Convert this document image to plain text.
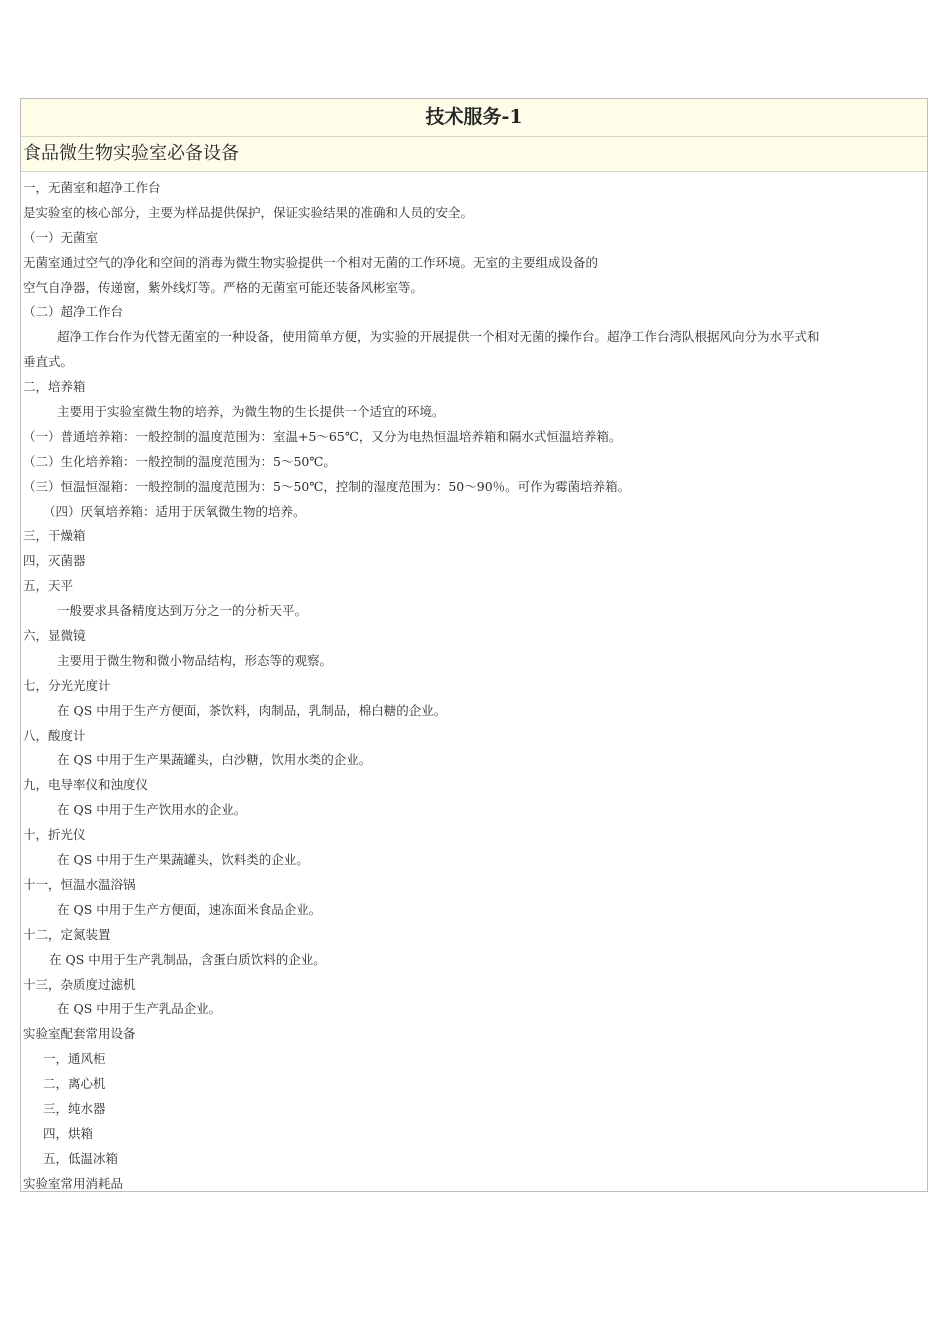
技术服务-1
食品微生物实验室必备设备
一，无菌室和超净工作台
是实验室的核心部分，主要为样品提供保护，保证实验结果的准确和人员的安全。
（一）无菌室
无菌室通过空气的净化和空间的消毒为微生物实验提供一个相对无菌的工作环境。无室的主要组成设备的
空气自净器，传递窗，紫外线灯等。严格的无菌室可能还装备风彬室等。
（二）超净工作台
超净工作台作为代替无菌室的一种设备，使用简单方便，为实验的开展提供一个相对无菌的操作台。超净工作台湾队根据风向分为水平式和
垂直式。
二，培养箱
主要用于实验室微生物的培养，为微生物的生长提供一个适宜的环境。
（一）普通培养箱：一般控制的温度范围为：室温+5～65℃，又分为电热恒温培养箱和隔水式恒温培养箱。
（二）生化培养箱：一般控制的温度范围为：5～50℃。
（三）恒温恒湿箱：一般控制的温度范围为：5～50℃，控制的湿度范围为：50～90％。可作为霉菌培养箱。
（四）厌氧培养箱：适用于厌氧微生物的培养。
三，干燥箱
四，灭菌器
五，天平
一般要求具备精度达到万分之一的分析天平。
六，显微镜
主要用于微生物和微小物品结构，形态等的观察。
七，分光光度计
在 QS 中用于生产方便面，茶饮料，肉制品，乳制品，棉白糖的企业。
八，酸度计
在 QS 中用于生产果蔬罐头，白沙糖，饮用水类的企业。
九，电导率仪和浊度仪
在 QS 中用于生产饮用水的企业。
十，折光仪
在 QS 中用于生产果蔬罐头，饮料类的企业。
十一，恒温水温浴锅
在 QS 中用于生产方便面，速冻面米食品企业。
十二，定氮装置
在 QS 中用于生产乳制品，含蛋白质饮料的企业。
十三，杂质度过滤机
在 QS 中用于生产乳品企业。
实验室配套常用设备
一，通风柜
二，离心机
三，纯水器
四，烘箱
五，低温冰箱
实验室常用消耗品
